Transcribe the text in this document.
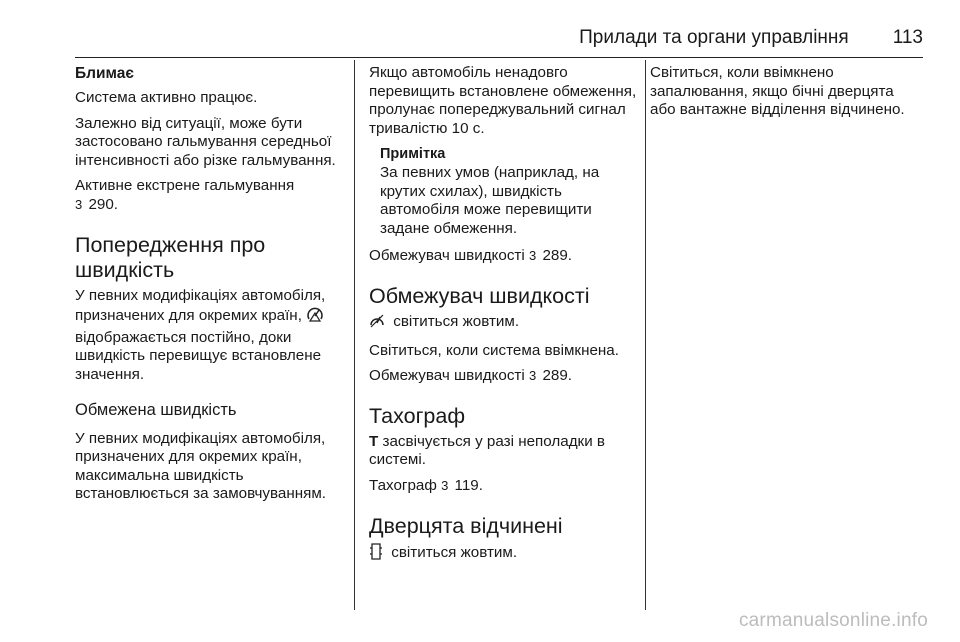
Прилади та органи управління 113
Блимає

Система активно працює.

Залежно від ситуації, може бути застосовано гальмування середньої інтенсивності або різке гальмування.

Активне екстрене гальмування
3 290.

Попередження про швидкість

У певних модифікаціях автомобіля, призначених для окремих країн,  відображається постійно, доки швидкість перевищує встановлене значення.

Обмежена швидкість

У певних модифікаціях автомобіля, призначених для окремих країн, максимальна швидкість встановлюється за замовчуванням.

Якщо автомобіль ненадовго перевищить встановлене обмеження, пролунає попереджувальний сигнал тривалістю 10 с.

Примітка
За певних умов (наприклад, на крутих схилах), швидкість автомобіля може перевищити задане обмеження.

Обмежувач швидкості 3 289.

Обмежувач швидкості

світиться жовтим.

Світиться, коли система ввімкнена.

Обмежувач швидкості 3 289.

Тахограф

T засвічується у разі неполадки в системі.

Тахограф 3 119.

Дверцята відчинені

світиться жовтим.

Світиться, коли ввімкнено запалювання, якщо бічні дверцята або вантажне відділення відчинено.

carmanualsonline.info
